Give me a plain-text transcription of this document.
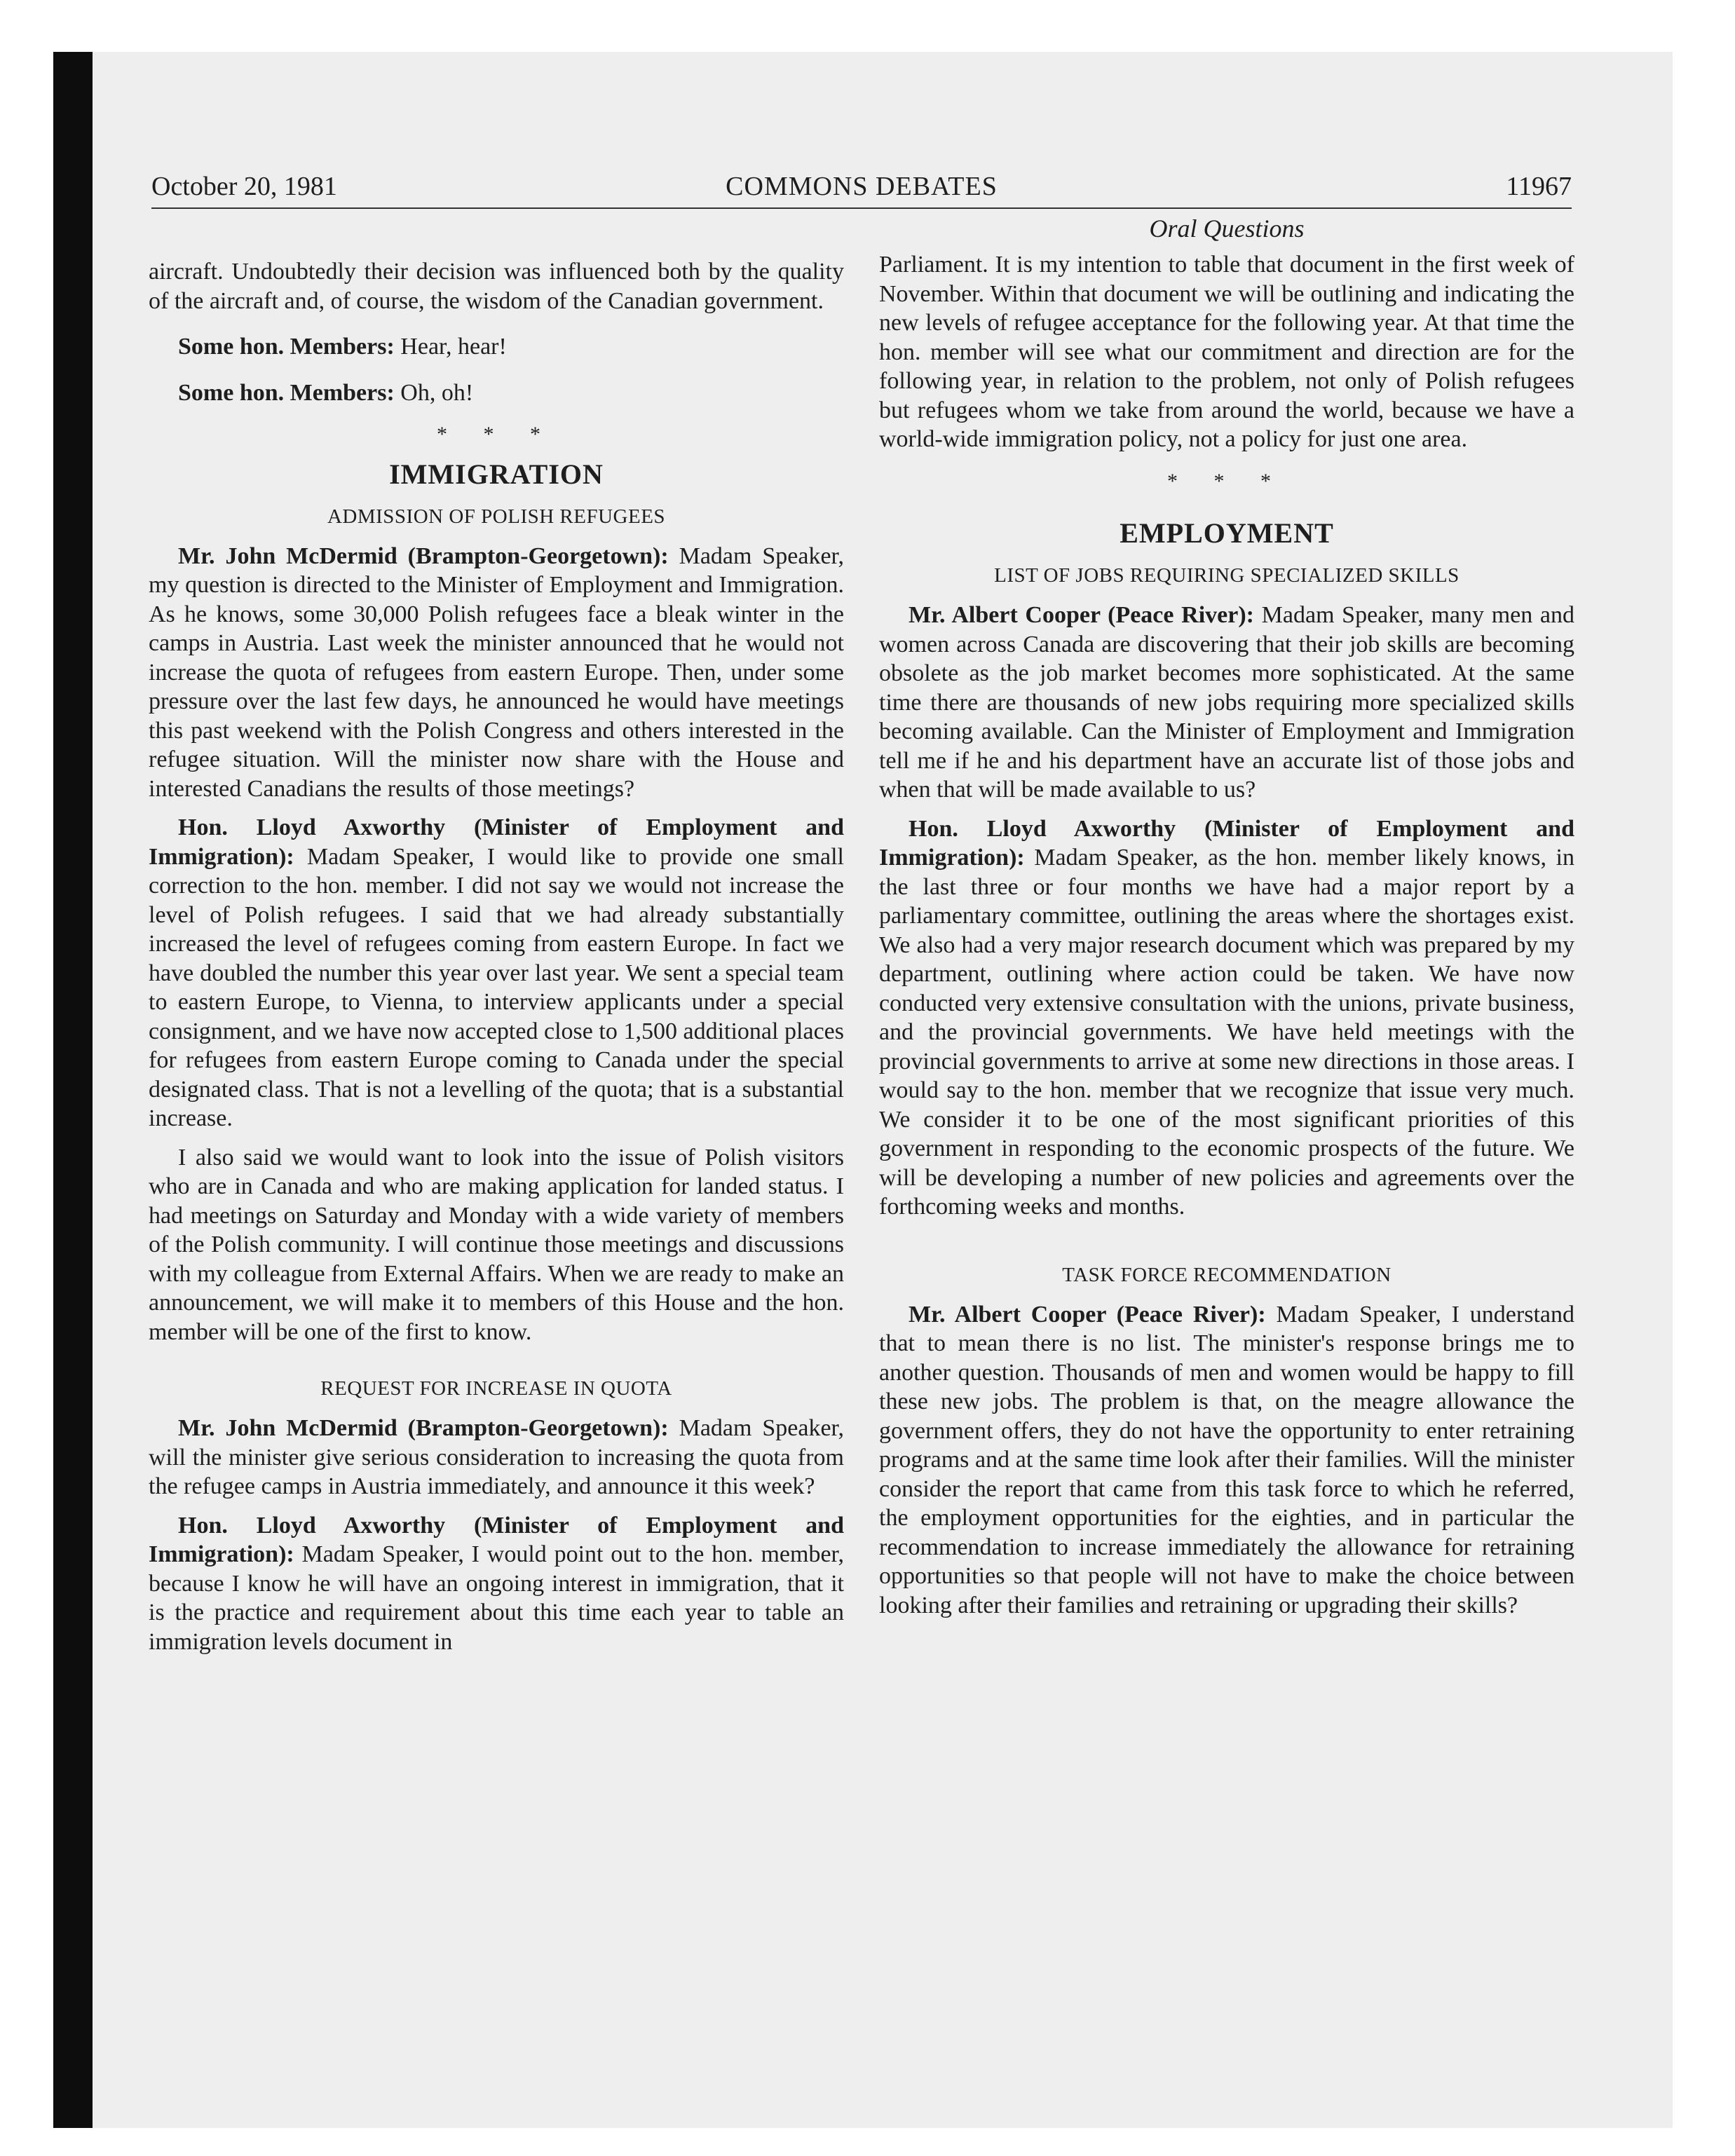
October 20, 1981	COMMONS DEBATES	11967

aircraft. Undoubtedly their decision was influenced both by the quality of the aircraft and, of course, the wisdom of the Canadian government.

Some hon. Members: Hear, hear!

Some hon. Members: Oh, oh!

* * *
IMMIGRATION
ADMISSION OF POLISH REFUGEES

Mr. John McDermid (Brampton-Georgetown): Madam Speaker, my question is directed to the Minister of Employment and Immigration. As he knows, some 30,000 Polish refugees face a bleak winter in the camps in Austria. Last week the minister announced that he would not increase the quota of refugees from eastern Europe. Then, under some pressure over the last few days, he announced he would have meetings this past weekend with the Polish Congress and others interested in the refugee situation. Will the minister now share with the House and interested Canadians the results of those meetings?

Hon. Lloyd Axworthy (Minister of Employment and Immigration): Madam Speaker, I would like to provide one small correction to the hon. member. I did not say we would not increase the level of Polish refugees. I said that we had already substantially increased the level of refugees coming from eastern Europe. In fact we have doubled the number this year over last year. We sent a special team to eastern Europe, to Vienna, to interview applicants under a special consignment, and we have now accepted close to 1,500 additional places for refugees from eastern Europe coming to Canada under the special designated class. That is not a levelling of the quota; that is a substantial increase.

I also said we would want to look into the issue of Polish visitors who are in Canada and who are making application for landed status. I had meetings on Saturday and Monday with a wide variety of members of the Polish community. I will continue those meetings and discussions with my colleague from External Affairs. When we are ready to make an announcement, we will make it to members of this House and the hon. member will be one of the first to know.

REQUEST FOR INCREASE IN QUOTA

Mr. John McDermid (Brampton-Georgetown): Madam Speaker, will the minister give serious consideration to increasing the quota from the refugee camps in Austria immediately, and announce it this week?

Hon. Lloyd Axworthy (Minister of Employment and Immigration): Madam Speaker, I would point out to the hon. member, because I know he will have an ongoing interest in immigration, that it is the practice and requirement about this time each year to table an immigration levels document in

Oral Questions

Parliament. It is my intention to table that document in the first week of November. Within that document we will be outlining and indicating the new levels of refugee acceptance for the following year. At that time the hon. member will see what our commitment and direction are for the following year, in relation to the problem, not only of Polish refugees but refugees whom we take from around the world, because we have a world-wide immigration policy, not a policy for just one area.

* * *
EMPLOYMENT
LIST OF JOBS REQUIRING SPECIALIZED SKILLS

Mr. Albert Cooper (Peace River): Madam Speaker, many men and women across Canada are discovering that their job skills are becoming obsolete as the job market becomes more sophisticated. At the same time there are thousands of new jobs requiring more specialized skills becoming available. Can the Minister of Employment and Immigration tell me if he and his department have an accurate list of those jobs and when that will be made available to us?

Hon. Lloyd Axworthy (Minister of Employment and Immigration): Madam Speaker, as the hon. member likely knows, in the last three or four months we have had a major report by a parliamentary committee, outlining the areas where the shortages exist. We also had a very major research document which was prepared by my department, outlining where action could be taken. We have now conducted very extensive consultation with the unions, private business, and the provincial governments. We have held meetings with the provincial governments to arrive at some new directions in those areas. I would say to the hon. member that we recognize that issue very much. We consider it to be one of the most significant priorities of this government in responding to the economic prospects of the future. We will be developing a number of new policies and agreements over the forthcoming weeks and months.

TASK FORCE RECOMMENDATION

Mr. Albert Cooper (Peace River): Madam Speaker, I understand that to mean there is no list. The minister's response brings me to another question. Thousands of men and women would be happy to fill these new jobs. The problem is that, on the meagre allowance the government offers, they do not have the opportunity to enter retraining programs and at the same time look after their families. Will the minister consider the report that came from this task force to which he referred, the employment opportunities for the eighties, and in particular the recommendation to increase immediately the allowance for retraining opportunities so that people will not have to make the choice between looking after their families and retraining or upgrading their skills?
